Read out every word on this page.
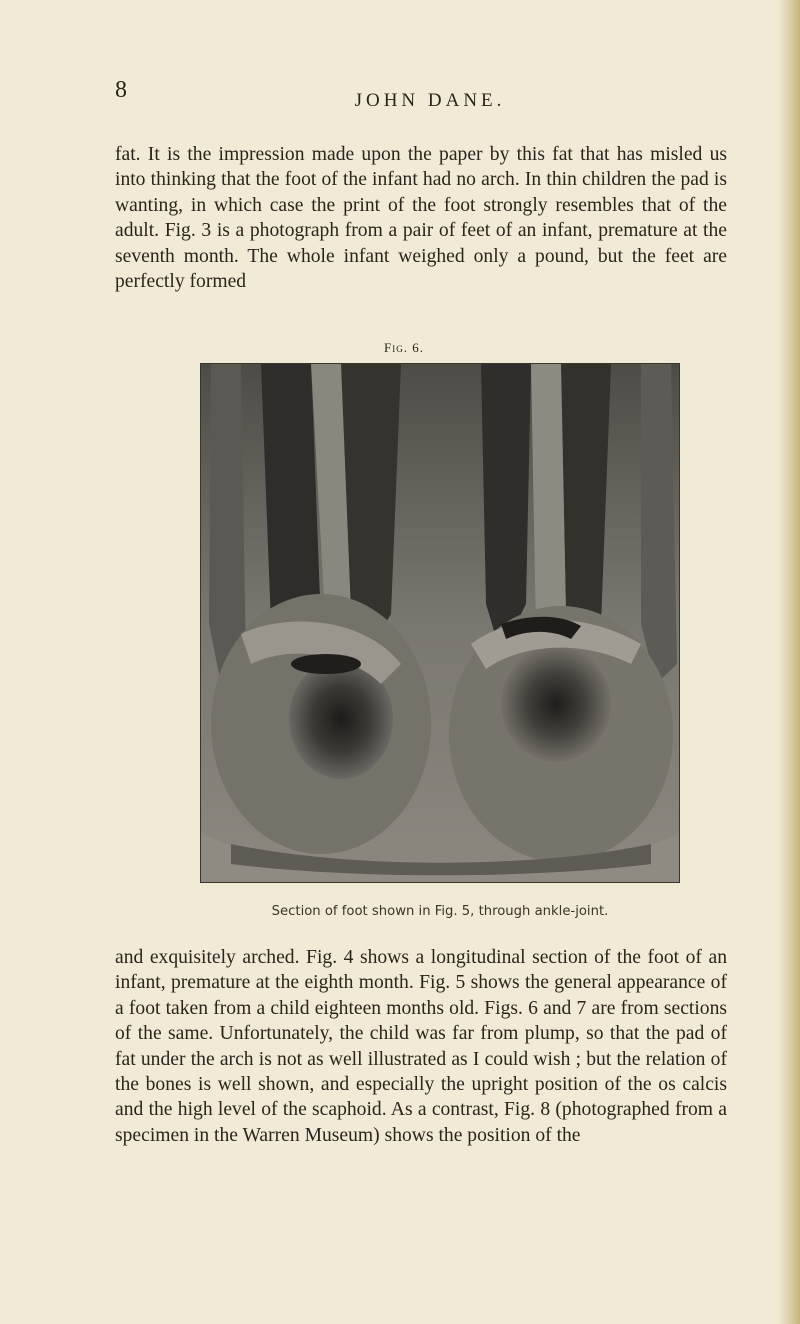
8	JOHN DANE.

fat. It is the impression made upon the paper by this fat that has misled us into thinking that the foot of the infant had no arch. In thin children the pad is wanting, in which case the print of the foot strongly resembles that of the adult. Fig. 3 is a photograph from a pair of feet of an infant, premature at the seventh month. The whole infant weighed only a pound, but the feet are perfectly formed

Fig. 6.
Section of foot shown in Fig. 5, through ankle-joint.

and exquisitely arched. Fig. 4 shows a longitudinal section of the foot of an infant, premature at the eighth month. Fig. 5 shows the general appearance of a foot taken from a child eighteen months old. Figs. 6 and 7 are from sections of the same. Unfortunately, the child was far from plump, so that the pad of fat under the arch is not as well illustrated as I could wish ; but the relation of the bones is well shown, and especially the upright position of the os calcis and the high level of the scaphoid. As a contrast, Fig. 8 (photographed from a specimen in the Warren Museum) shows the position of the
